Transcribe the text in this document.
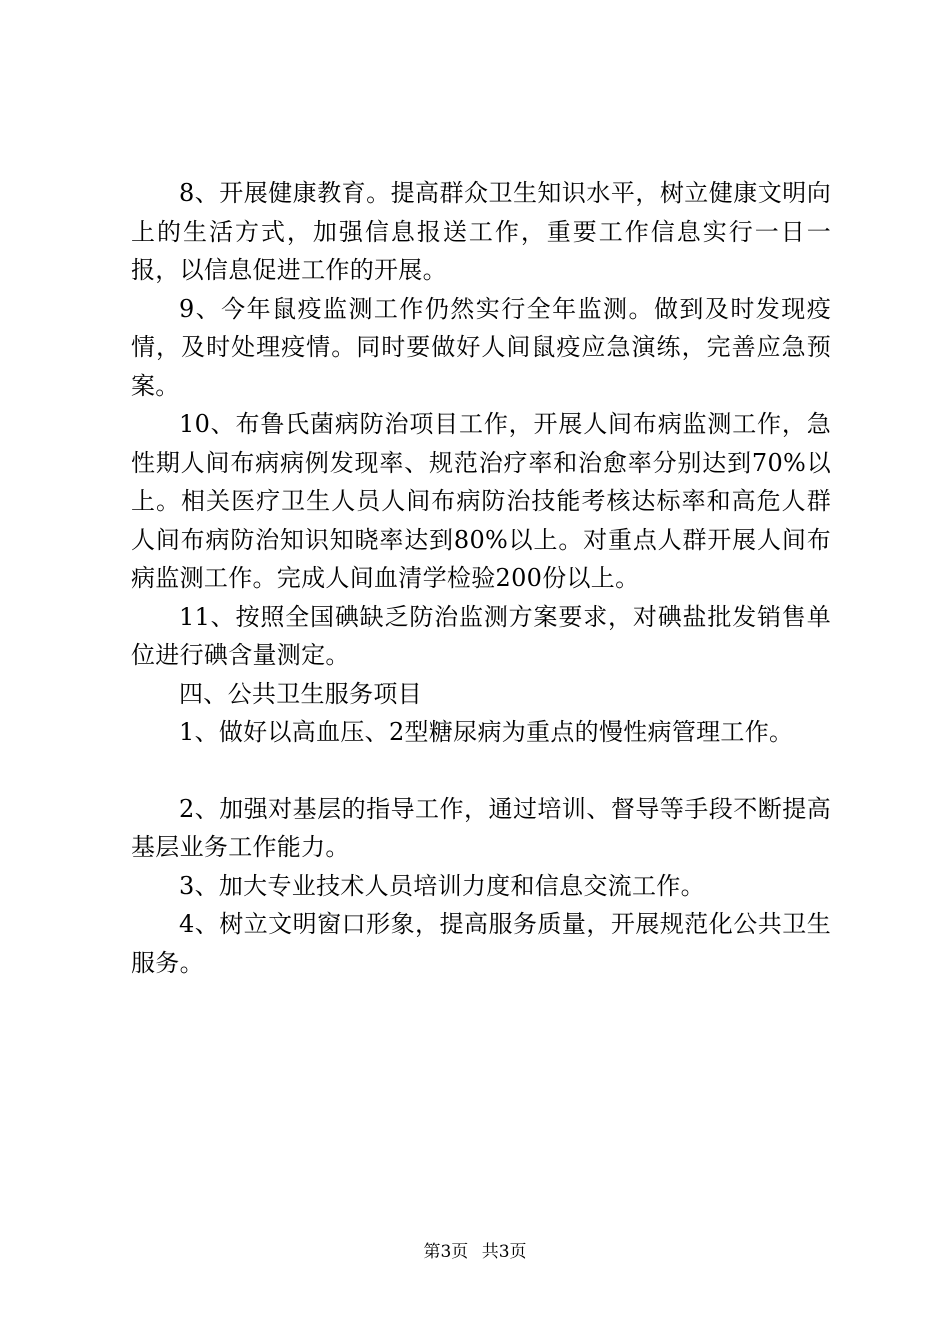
8、开展健康教育。提高群众卫生知识水平，树立健康文明向上的生活方式，加强信息报送工作，重要工作信息实行一日一报，以信息促进工作的开展。

9、今年鼠疫监测工作仍然实行全年监测。做到及时发现疫情，及时处理疫情。同时要做好人间鼠疫应急演练，完善应急预案。

10、布鲁氏菌病防治项目工作，开展人间布病监测工作，急性期人间布病病例发现率、规范治疗率和治愈率分别达到70%以上。相关医疗卫生人员人间布病防治技能考核达标率和高危人群人间布病防治知识知晓率达到80%以上。对重点人群开展人间布病监测工作。完成人间血清学检验200份以上。

11、按照全国碘缺乏防治监测方案要求，对碘盐批发销售单位进行碘含量测定。

四、公共卫生服务项目

1、做好以高血压、2型糖尿病为重点的慢性病管理工作。

2、加强对基层的指导工作，通过培训、督导等手段不断提高基层业务工作能力。

3、加大专业技术人员培训力度和信息交流工作。

4、树立文明窗口形象，提高服务质量，开展规范化公共卫生服务。

第3页 共3页
